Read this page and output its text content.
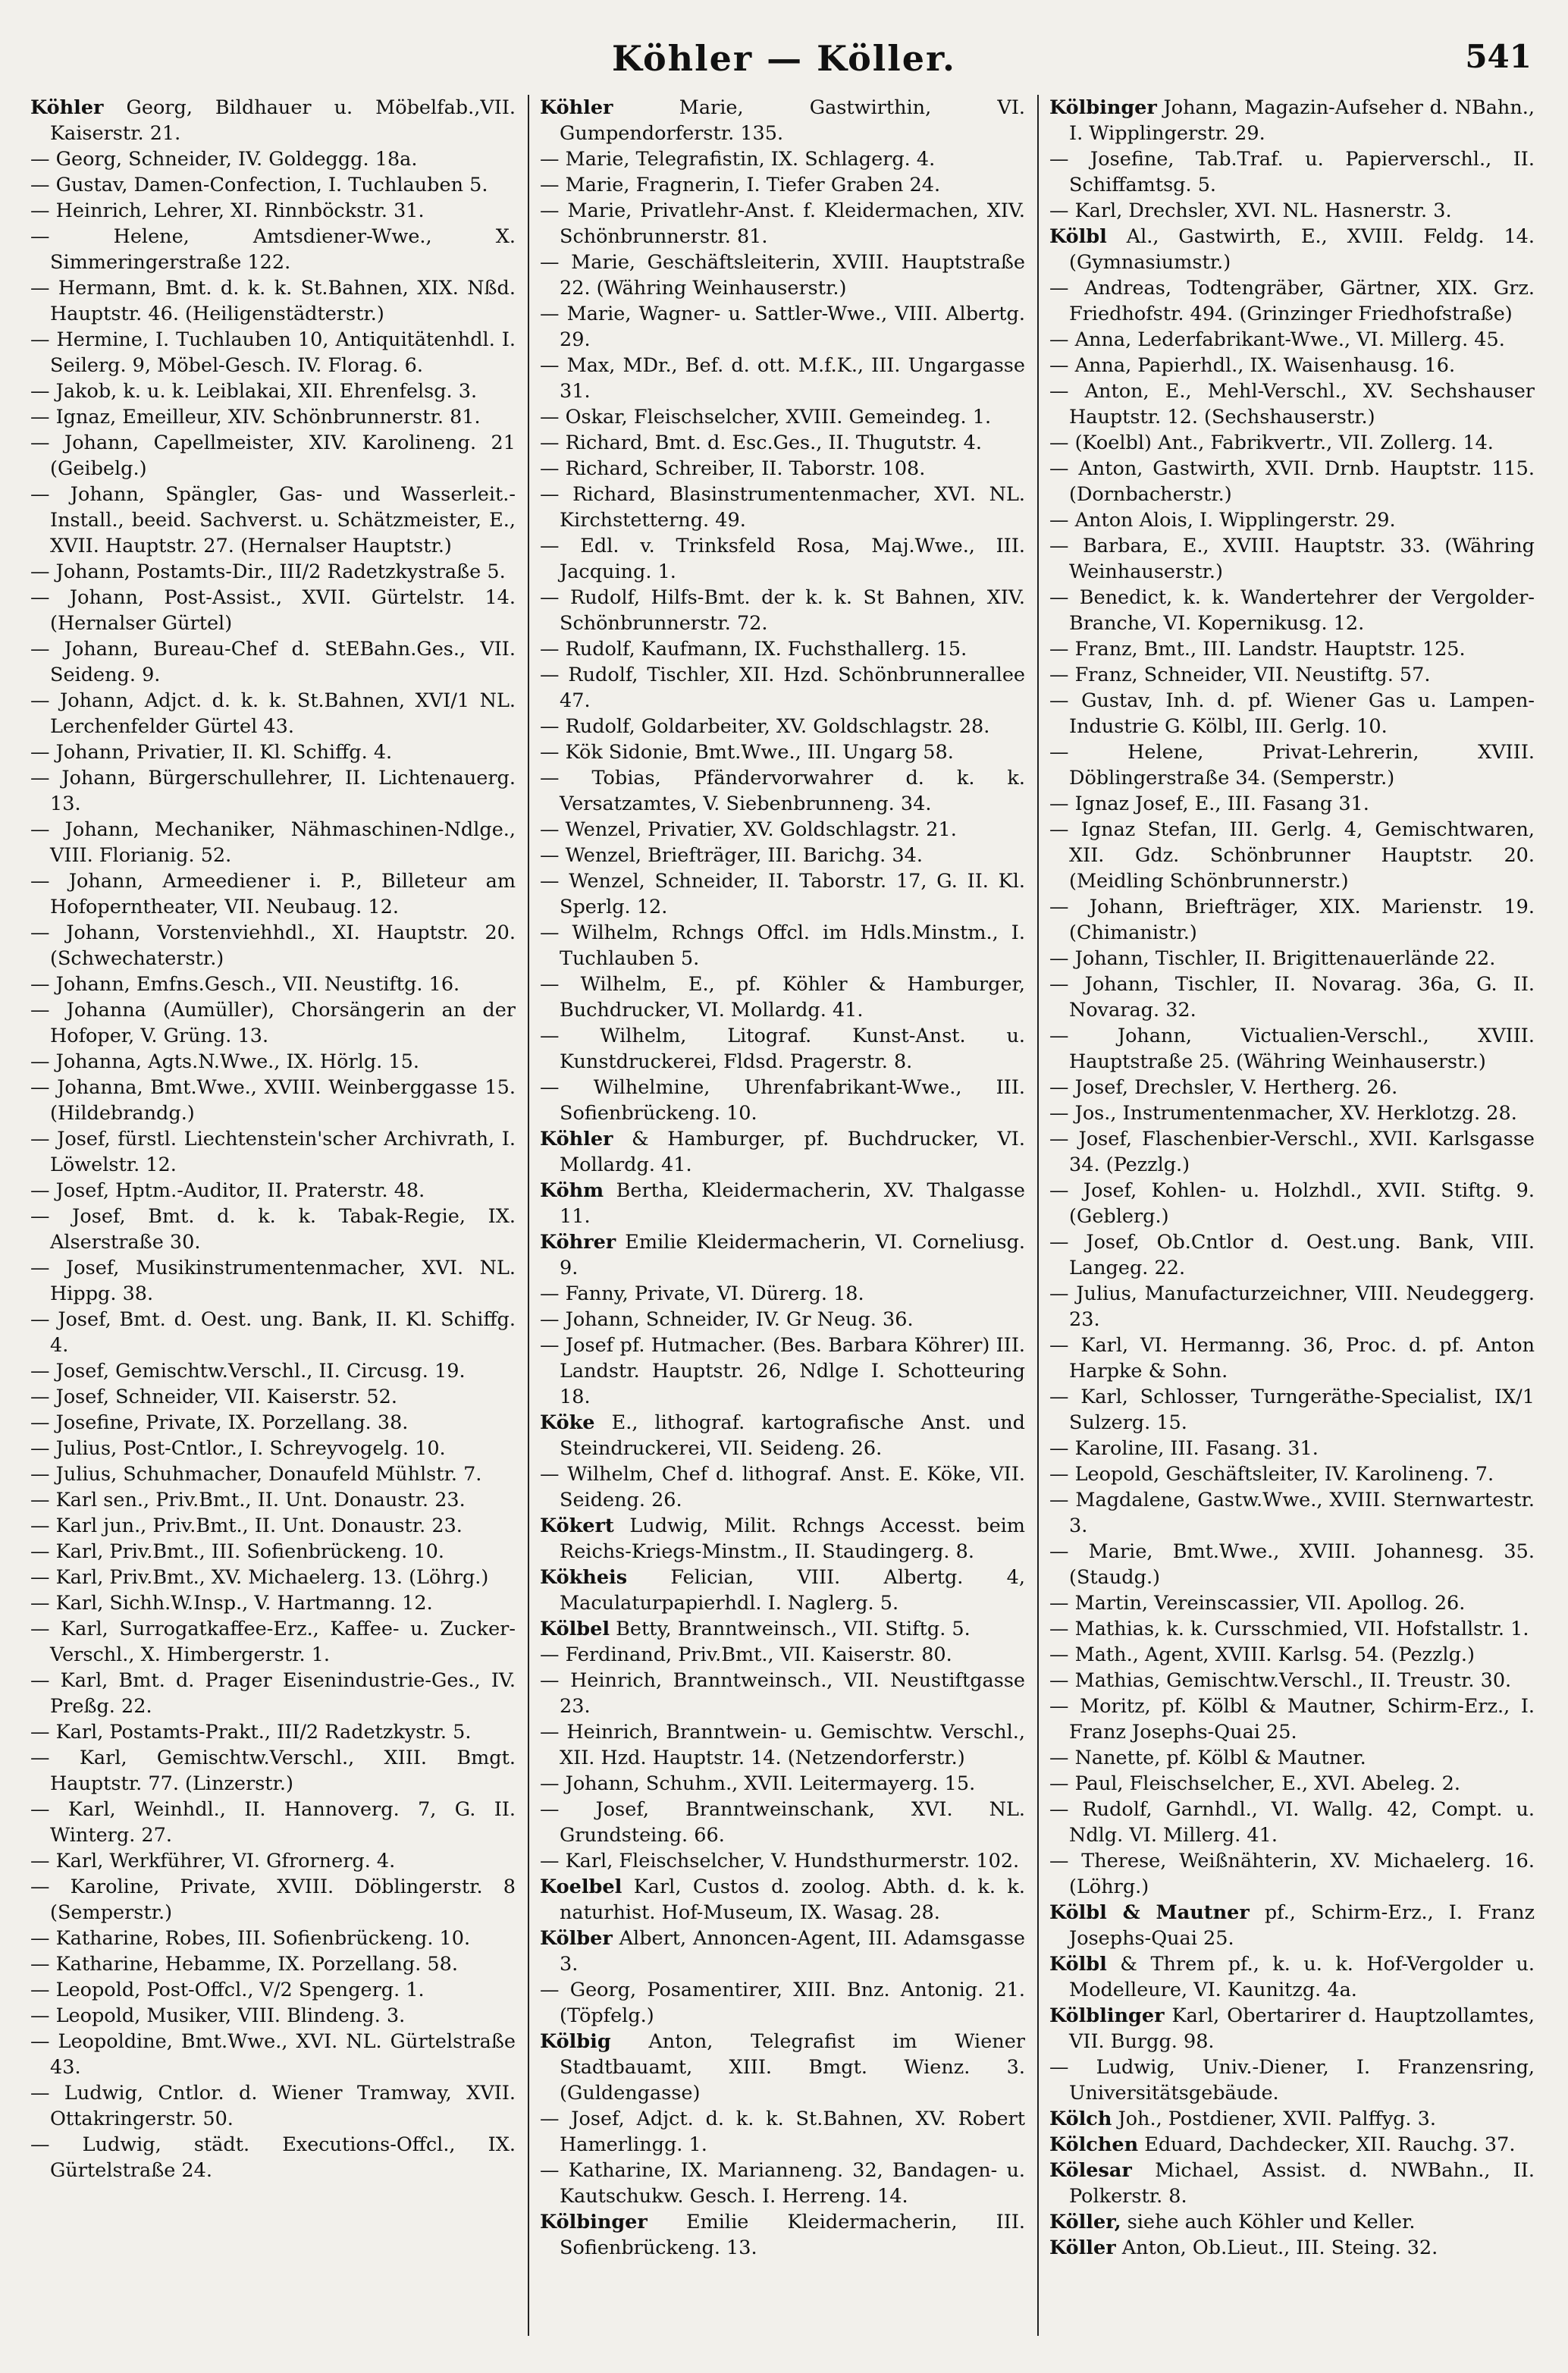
Köhler — Köller.	541

Köhler Georg, Bildhauer u. Möbelfab.,VII. Kaiserstr. 21.

— Georg, Schneider, IV. Goldeggg. 18a.

— Gustav, Damen-Confection, I. Tuchlauben 5.

— Heinrich, Lehrer, XI. Rinnböckstr. 31.

— Helene, Amtsdiener-Wwe., X. Simmeringerstraße 122.

— Hermann, Bmt. d. k. k. St.Bahnen, XIX. Nßd. Hauptstr. 46. (Heiligenstädterstr.)

— Hermine, I. Tuchlauben 10, Antiquitätenhdl. I. Seilerg. 9, Möbel-Gesch. IV. Florag. 6.

— Jakob, k. u. k. Leiblakai, XII. Ehrenfelsg. 3.

— Ignaz, Emeilleur, XIV. Schönbrunnerstr. 81.

— Johann, Capellmeister, XIV. Karolineng. 21 (Geibelg.)

— Johann, Spängler, Gas- und Wasserleit.-Install., beeid. Sachverst. u. Schätzmeister, E., XVII. Hauptstr. 27. (Hernalser Hauptstr.)

— Johann, Postamts-Dir., III/2 Radetzkystraße 5.

— Johann, Post-Assist., XVII. Gürtelstr. 14. (Hernalser Gürtel)

— Johann, Bureau-Chef d. StEBahn.Ges., VII. Seideng. 9.

— Johann, Adjct. d. k. k. St.Bahnen, XVI/1 NL. Lerchenfelder Gürtel 43.

— Johann, Privatier, II. Kl. Schiffg. 4.

— Johann, Bürgerschullehrer, II. Lichtenauerg. 13.

— Johann, Mechaniker, Nähmaschinen-Ndlge., VIII. Florianig. 52.

— Johann, Armeediener i. P., Billeteur am Hofoperntheater, VII. Neubaug. 12.

— Johann, Vorstenviehhdl., XI. Hauptstr. 20. (Schwechaterstr.)

— Johann, Emfns.Gesch., VII. Neustiftg. 16.

— Johanna (Aumüller), Chorsängerin an der Hofoper, V. Grüng. 13.

— Johanna, Agts.N.Wwe., IX. Hörlg. 15.

— Johanna, Bmt.Wwe., XVIII. Weinberggasse 15. (Hildebrandg.)

— Josef, fürstl. Liechtenstein'scher Archivrath, I. Löwelstr. 12.

— Josef, Hptm.-Auditor, II. Praterstr. 48.

— Josef, Bmt. d. k. k. Tabak-Regie, IX. Alserstraße 30.

— Josef, Musikinstrumentenmacher, XVI. NL. Hippg. 38.

— Josef, Bmt. d. Oest. ung. Bank, II. Kl. Schiffg. 4.

— Josef, Gemischtw.Verschl., II. Circusg. 19.

— Josef, Schneider, VII. Kaiserstr. 52.

— Josefine, Private, IX. Porzellang. 38.

— Julius, Post-Cntlor., I. Schreyvogelg. 10.

— Julius, Schuhmacher, Donaufeld Mühlstr. 7.

— Karl sen., Priv.Bmt., II. Unt. Donaustr. 23.

— Karl jun., Priv.Bmt., II. Unt. Donaustr. 23.

— Karl, Priv.Bmt., III. Sofienbrückeng. 10.

— Karl, Priv.Bmt., XV. Michaelerg. 13. (Löhrg.)

— Karl, Sichh.W.Insp., V. Hartmanng. 12.

— Karl, Surrogatkaffee-Erz., Kaffee- u. Zucker-Verschl., X. Himbergerstr. 1.

— Karl, Bmt. d. Prager Eisenindustrie-Ges., IV. Preßg. 22.

— Karl, Postamts-Prakt., III/2 Radetzkystr. 5.

— Karl, Gemischtw.Verschl., XIII. Bmgt. Hauptstr. 77. (Linzerstr.)

— Karl, Weinhdl., II. Hannoverg. 7, G. II. Winterg. 27.

— Karl, Werkführer, VI. Gfrornerg. 4.

— Karoline, Private, XVIII. Döblingerstr. 8 (Semperstr.)

— Katharine, Robes, III. Sofienbrückeng. 10.

— Katharine, Hebamme, IX. Porzellang. 58.

— Leopold, Post-Offcl., V/2 Spengerg. 1.

— Leopold, Musiker, VIII. Blindeng. 3.

— Leopoldine, Bmt.Wwe., XVI. NL. Gürtelstraße 43.

— Ludwig, Cntlor. d. Wiener Tramway, XVII. Ottakringerstr. 50.

— Ludwig, städt. Executions-Offcl., IX. Gürtelstraße 24.

Köhler Marie, Gastwirthin, VI. Gumpendorferstr. 135.

— Marie, Telegrafistin, IX. Schlagerg. 4.

— Marie, Fragnerin, I. Tiefer Graben 24.

— Marie, Privatlehr-Anst. f. Kleidermachen, XIV. Schönbrunnerstr. 81.

— Marie, Geschäftsleiterin, XVIII. Hauptstraße 22. (Währing Weinhauserstr.)

— Marie, Wagner- u. Sattler-Wwe., VIII. Albertg. 29.

— Max, MDr., Bef. d. ott. M.f.K., III. Ungargasse 31.

— Oskar, Fleischselcher, XVIII. Gemeindeg. 1.

— Richard, Bmt. d. Esc.Ges., II. Thugutstr. 4.

— Richard, Schreiber, II. Taborstr. 108.

— Richard, Blasinstrumentenmacher, XVI. NL. Kirchstetterng. 49.

— Edl. v. Trinksfeld Rosa, Maj.Wwe., III. Jacquing. 1.

— Rudolf, Hilfs-Bmt. der k. k. St Bahnen, XIV. Schönbrunnerstr. 72.

— Rudolf, Kaufmann, IX. Fuchsthallerg. 15.

— Rudolf, Tischler, XII. Hzd. Schönbrunnerallee 47.

— Rudolf, Goldarbeiter, XV. Goldschlagstr. 28.

— Kök Sidonie, Bmt.Wwe., III. Ungarg 58.

— Tobias, Pfändervorwahrer d. k. k. Versatzamtes, V. Siebenbrunneng. 34.

— Wenzel, Privatier, XV. Goldschlagstr. 21.

— Wenzel, Briefträger, III. Barichg. 34.

— Wenzel, Schneider, II. Taborstr. 17, G. II. Kl. Sperlg. 12.

— Wilhelm, Rchngs Offcl. im Hdls.Minstm., I. Tuchlauben 5.

— Wilhelm, E., pf. Köhler & Hamburger, Buchdrucker, VI. Mollardg. 41.

— Wilhelm, Litograf. Kunst-Anst. u. Kunstdruckerei, Fldsd. Pragerstr. 8.

— Wilhelmine, Uhrenfabrikant-Wwe., III. Sofienbrückeng. 10.

Köhler & Hamburger, pf. Buchdrucker, VI. Mollardg. 41.

Köhm Bertha, Kleidermacherin, XV. Thalgasse 11.

Köhrer Emilie Kleidermacherin, VI. Corneliusg. 9.

— Fanny, Private, VI. Dürerg. 18.

— Johann, Schneider, IV. Gr Neug. 36.

— Josef pf. Hutmacher. (Bes. Barbara Köhrer) III. Landstr. Hauptstr. 26, Ndlge I. Schotteuring 18.

Köke E., lithograf. kartografische Anst. und Steindruckerei, VII. Seideng. 26.

— Wilhelm, Chef d. lithograf. Anst. E. Köke, VII. Seideng. 26.

Kökert Ludwig, Milit. Rchngs Accesst. beim Reichs-Kriegs-Minstm., II. Staudingerg. 8.

Kökheis Felician, VIII. Albertg. 4, Maculaturpapierhdl. I. Naglerg. 5.

Kölbel Betty, Branntweinsch., VII. Stiftg. 5.

— Ferdinand, Priv.Bmt., VII. Kaiserstr. 80.

— Heinrich, Branntweinsch., VII. Neustiftgasse 23.

— Heinrich, Branntwein- u. Gemischtw. Verschl., XII. Hzd. Hauptstr. 14. (Netzendorferstr.)

— Johann, Schuhm., XVII. Leitermayerg. 15.

— Josef, Branntweinschank, XVI. NL. Grundsteing. 66.

— Karl, Fleischselcher, V. Hundsthurmerstr. 102.

Koelbel Karl, Custos d. zoolog. Abth. d. k. k. naturhist. Hof-Museum, IX. Wasag. 28.

Kölber Albert, Annoncen-Agent, III. Adamsgasse 3.

— Georg, Posamentirer, XIII. Bnz. Antonig. 21. (Töpfelg.)

Kölbig Anton, Telegrafist im Wiener Stadtbauamt, XIII. Bmgt. Wienz. 3. (Guldengasse)

— Josef, Adjct. d. k. k. St.Bahnen, XV. Robert Hamerlingg. 1.

— Katharine, IX. Marianneng. 32, Bandagen- u. Kautschukw. Gesch. I. Herreng. 14.

Kölbinger Emilie Kleidermacherin, III. Sofienbrückeng. 13.

Kölbinger Johann, Magazin-Aufseher d. NBahn., I. Wipplingerstr. 29.

— Josefine, Tab.Traf. u. Papierverschl., II. Schiffamtsg. 5.

— Karl, Drechsler, XVI. NL. Hasnerstr. 3.

Kölbl Al., Gastwirth, E., XVIII. Feldg. 14. (Gymnasiumstr.)

— Andreas, Todtengräber, Gärtner, XIX. Grz. Friedhofstr. 494. (Grinzinger Friedhofstraße)

— Anna, Lederfabrikant-Wwe., VI. Millerg. 45.

— Anna, Papierhdl., IX. Waisenhausg. 16.

— Anton, E., Mehl-Verschl., XV. Sechshauser Hauptstr. 12. (Sechshauserstr.)

— (Koelbl) Ant., Fabrikvertr., VII. Zollerg. 14.

— Anton, Gastwirth, XVII. Drnb. Hauptstr. 115. (Dornbacherstr.)

— Anton Alois, I. Wipplingerstr. 29.

— Barbara, E., XVIII. Hauptstr. 33. (Währing Weinhauserstr.)

— Benedict, k. k. Wandertehrer der Vergolder-Branche, VI. Kopernikusg. 12.

— Franz, Bmt., III. Landstr. Hauptstr. 125.

— Franz, Schneider, VII. Neustiftg. 57.

— Gustav, Inh. d. pf. Wiener Gas u. Lampen-Industrie G. Kölbl, III. Gerlg. 10.

— Helene, Privat-Lehrerin, XVIII. Döblingerstraße 34. (Semperstr.)

— Ignaz Josef, E., III. Fasang 31.

— Ignaz Stefan, III. Gerlg. 4, Gemischtwaren, XII. Gdz. Schönbrunner Hauptstr. 20. (Meidling Schönbrunnerstr.)

— Johann, Briefträger, XIX. Marienstr. 19. (Chimanistr.)

— Johann, Tischler, II. Brigittenauerlände 22.

— Johann, Tischler, II. Novarag. 36a, G. II. Novarag. 32.

— Johann, Victualien-Verschl., XVIII. Hauptstraße 25. (Währing Weinhauserstr.)

— Josef, Drechsler, V. Hertherg. 26.

— Jos., Instrumentenmacher, XV. Herklotzg. 28.

— Josef, Flaschenbier-Verschl., XVII. Karlsgasse 34. (Pezzlg.)

— Josef, Kohlen- u. Holzhdl., XVII. Stiftg. 9. (Geblerg.)

— Josef, Ob.Cntlor d. Oest.ung. Bank, VIII. Langeg. 22.

— Julius, Manufacturzeichner, VIII. Neudeggerg. 23.

— Karl, VI. Hermanng. 36, Proc. d. pf. Anton Harpke & Sohn.

— Karl, Schlosser, Turngeräthe-Specialist, IX/1 Sulzerg. 15.

— Karoline, III. Fasang. 31.

— Leopold, Geschäftsleiter, IV. Karolineng. 7.

— Magdalene, Gastw.Wwe., XVIII. Sternwartestr. 3.

— Marie, Bmt.Wwe., XVIII. Johannesg. 35. (Staudg.)

— Martin, Vereinscassier, VII. Apollog. 26.

— Mathias, k. k. Cursschmied, VII. Hofstallstr. 1.

— Math., Agent, XVIII. Karlsg. 54. (Pezzlg.)

— Mathias, Gemischtw.Verschl., II. Treustr. 30.

— Moritz, pf. Kölbl & Mautner, Schirm-Erz., I. Franz Josephs-Quai 25.

— Nanette, pf. Kölbl & Mautner.

— Paul, Fleischselcher, E., XVI. Abeleg. 2.

— Rudolf, Garnhdl., VI. Wallg. 42, Compt. u. Ndlg. VI. Millerg. 41.

— Therese, Weißnähterin, XV. Michaelerg. 16. (Löhrg.)

Kölbl & Mautner pf., Schirm-Erz., I. Franz Josephs-Quai 25.

Kölbl & Threm pf., k. u. k. Hof-Vergolder u. Modelleure, VI. Kaunitzg. 4a.

Kölblinger Karl, Obertarirer d. Hauptzollamtes, VII. Burgg. 98.

— Ludwig, Univ.-Diener, I. Franzensring, Universitätsgebäude.

Kölch Joh., Postdiener, XVII. Palffyg. 3.

Kölchen Eduard, Dachdecker, XII. Rauchg. 37.

Kölesar Michael, Assist. d. NWBahn., II. Polkerstr. 8.

Köller, siehe auch Köhler und Keller.

Köller Anton, Ob.Lieut., III. Steing. 32.
